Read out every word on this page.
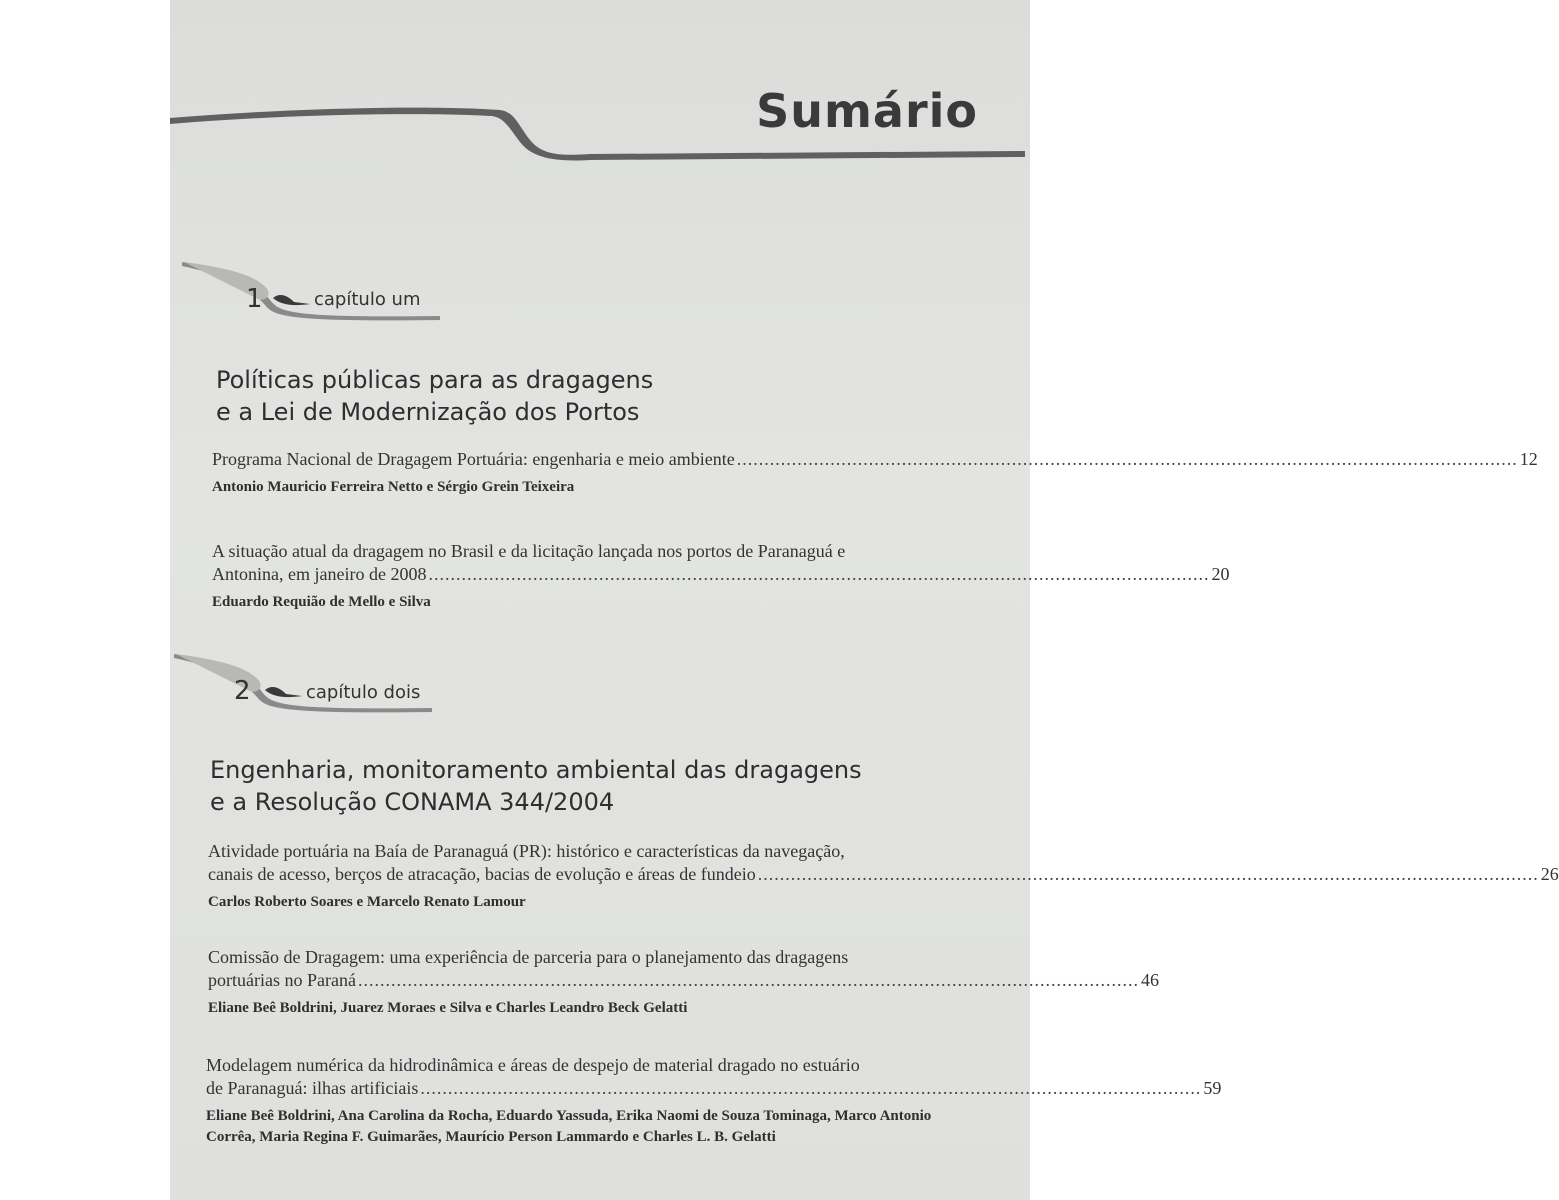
Sumário
1	capítulo um
Políticas públicas para as dragagens
e a Lei de Modernização dos Portos
Programa Nacional de Dragagem Portuária: engenharia e meio ambiente .............................................................................................................................................. 12
Antonio Mauricio Ferreira Netto e Sérgio Grein Teixeira
A situação atual da dragagem no Brasil e da licitação lançada nos portos de Paranaguá e
Antonina, em janeiro de 2008 .............................................................................................................................................. 20
Eduardo Requião de Mello e Silva
2	capítulo dois
Engenharia, monitoramento ambiental das dragagens
e a Resolução CONAMA 344/2004
Atividade portuária na Baía de Paranaguá (PR): histórico e características da navegação,
canais de acesso, berços de atracação, bacias de evolução e áreas de fundeio .............................................................................................................................................. 26
Carlos Roberto Soares e Marcelo Renato Lamour
Comissão de Dragagem: uma experiência de parceria para o planejamento das dragagens
portuárias no Paraná .............................................................................................................................................. 46
Eliane Beê Boldrini, Juarez Moraes e Silva e Charles Leandro Beck Gelatti
Modelagem numérica da hidrodinâmica e áreas de despejo de material dragado no estuário
de Paranaguá: ilhas artificiais .............................................................................................................................................. 59
Eliane Beê Boldrini, Ana Carolina da Rocha, Eduardo Yassuda, Erika Naomi de Souza Tominaga, Marco Antonio Corrêa, Maria Regina F. Guimarães, Maurício Person Lammardo e Charles L. B. Gelatti
